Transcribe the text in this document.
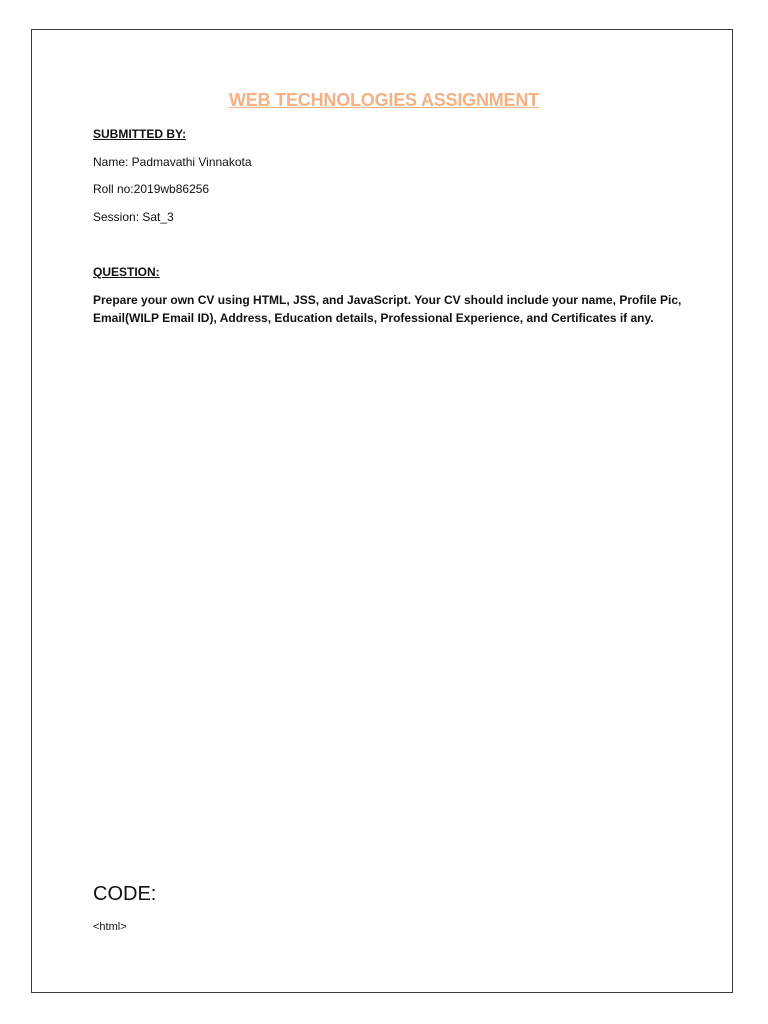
WEB TECHNOLOGIES ASSIGNMENT
SUBMITTED BY:
Name: Padmavathi Vinnakota
Roll no:2019wb86256
Session: Sat_3
QUESTION:
Prepare your own CV using HTML, JSS, and JavaScript. Your CV should include your name, Profile Pic, Email(WILP Email ID), Address, Education details, Professional Experience, and Certificates if any.
CODE:
<html>
